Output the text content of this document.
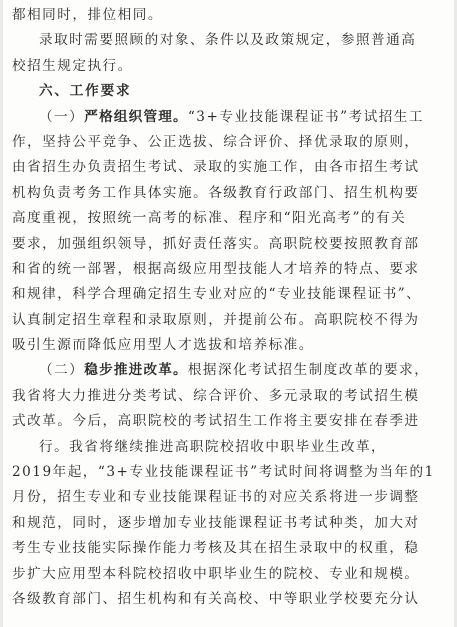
都相同时，排位相同。
录取时需要照顾的对象、条件以及政策规定，参照普通高
校招生规定执行。
六、工作要求
（一）严格组织管理。“3+专业技能课程证书”考试招生工
作，坚持公平竞争、公正选拔、综合评价、择优录取的原则，
由省招生办负责招生考试、录取的实施工作，由各市招生考试
机构负责考务工作具体实施。各级教育行政部门、招生机构要
高度重视，按照统一高考的标准、程序和“阳光高考”的有关
要求，加强组织领导，抓好责任落实。高职院校要按照教育部
和省的统一部署，根据高级应用型技能人才培养的特点、要求
和规律，科学合理确定招生专业对应的“专业技能课程证书”、
认真制定招生章程和录取原则，并提前公布。高职院校不得为
吸引生源而降低应用型人才选拔和培养标准。
（二）稳步推进改革。根据深化考试招生制度改革的要求，
我省将大力推进分类考试、综合评价、多元录取的考试招生模
式改革。今后，高职院校的考试招生工作将主要安排在春季进
行。我省将继续推进高职院校招收中职毕业生改革，
2019年起，“3+专业技能课程证书”考试时间将调整为当年的1
月份，招生专业和专业技能课程证书的对应关系将进一步调整
和规范，同时，逐步增加专业技能课程证书考试种类，加大对
考生专业技能实际操作能力考核及其在招生录取中的权重，稳
步扩大应用型本科院校招收中职毕业生的院校、专业和规模。
各级教育部门、招生机构和有关高校、中等职业学校要充分认
